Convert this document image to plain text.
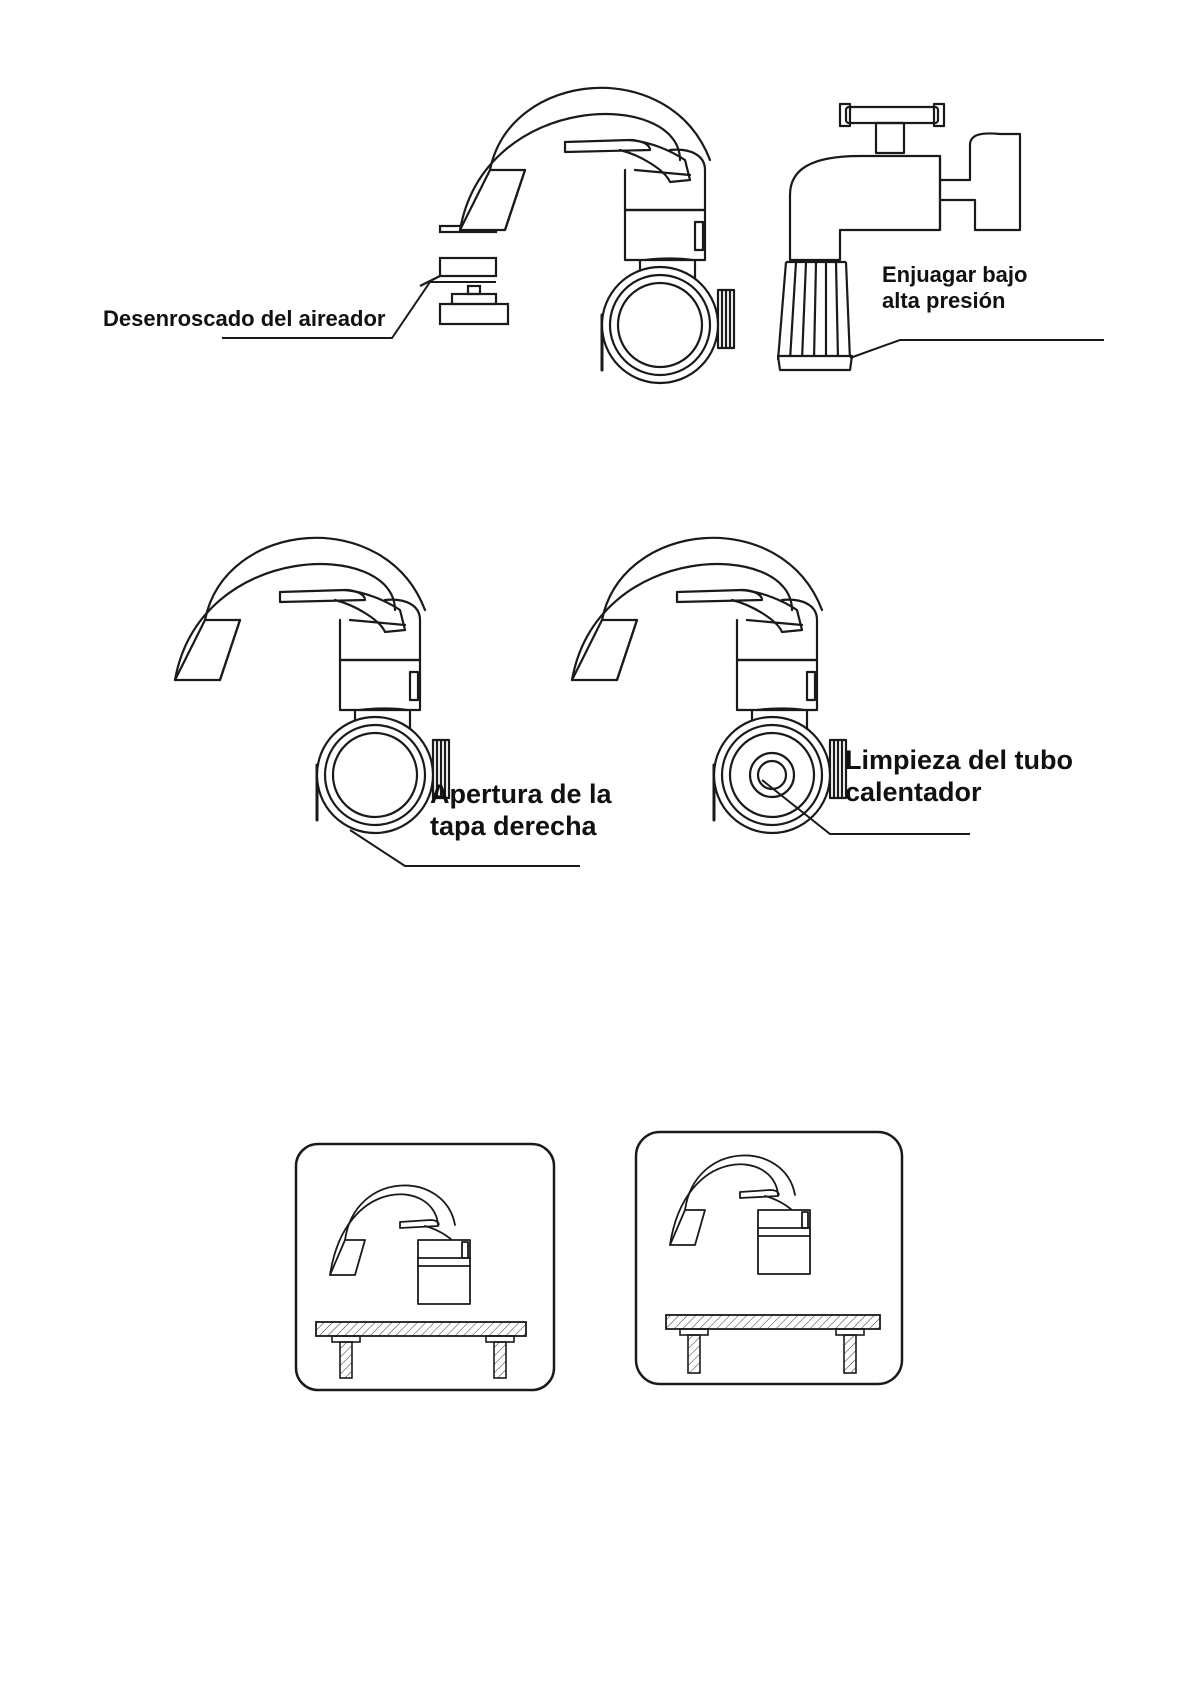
Desenroscado del aireador
Enjuagar bajo
alta presión
Apertura de la
tapa derecha
Limpieza del tubo
calentador
